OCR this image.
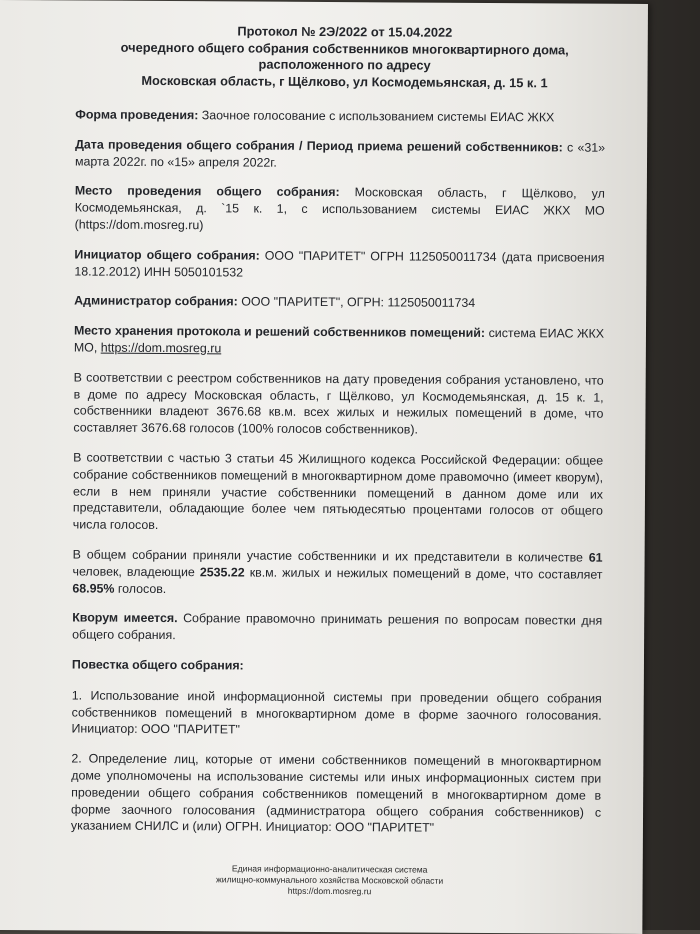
Протокол № 2Э/2022 от 15.04.2022
очередного общего собрания собственников многоквартирного дома,
расположенного по адресу
Московская область, г Щёлково, ул Космодемьянская, д. 15 к. 1

Форма проведения: Заочное голосование с использованием системы ЕИАС ЖКХ

Дата проведения общего собрания / Период приема решений собственников: с «31» марта 2022г. по «15» апреля 2022г.

Место проведения общего собрания: Московская область, г Щёлково, ул Космодемьянская, д. `15 к. 1, с использованием системы ЕИАС ЖКХ МО (https://dom.mosreg.ru)

Инициатор общего собрания: ООО "ПАРИТЕТ" ОГРН 1125050011734 (дата присвоения 18.12.2012) ИНН 5050101532

Администратор собрания: ООО "ПАРИТЕТ", ОГРН: 1125050011734

Место хранения протокола и решений собственников помещений: система ЕИАС ЖКХ МО, https://dom.mosreg.ru

В соответствии с реестром собственников на дату проведения собрания установлено, что в доме по адресу Московская область, г Щёлково, ул Космодемьянская, д. 15 к. 1, собственники владеют 3676.68 кв.м. всех жилых и нежилых помещений в доме, что составляет 3676.68 голосов (100% голосов собственников).

В соответствии с частью 3 статьи 45 Жилищного кодекса Российской Федерации: общее собрание собственников помещений в многоквартирном доме правомочно (имеет кворум), если в нем приняли участие собственники помещений в данном доме или их представители, обладающие более чем пятьюдесятью процентами голосов от общего числа голосов.

В общем собрании приняли участие собственники и их представители в количестве 61 человек, владеющие 2535.22 кв.м. жилых и нежилых помещений в доме, что составляет 68.95% голосов.

Кворум имеется. Собрание правомочно принимать решения по вопросам повестки дня общего собрания.

Повестка общего собрания:

1. Использование иной информационной системы при проведении общего собрания собственников помещений в многоквартирном доме в форме заочного голосования. Инициатор: ООО "ПАРИТЕТ"

2. Определение лиц, которые от имени собственников помещений в многоквартирном доме уполномочены на использование системы или иных информационных систем при проведении общего собрания собственников помещений в многоквартирном доме в форме заочного голосования (администратора общего собрания собственников) с указанием СНИЛС и (или) ОГРН. Инициатор: ООО "ПАРИТЕТ"

Единая информационно-аналитическая система
жилищно-коммунального хозяйства Московской области
https://dom.mosreg.ru
